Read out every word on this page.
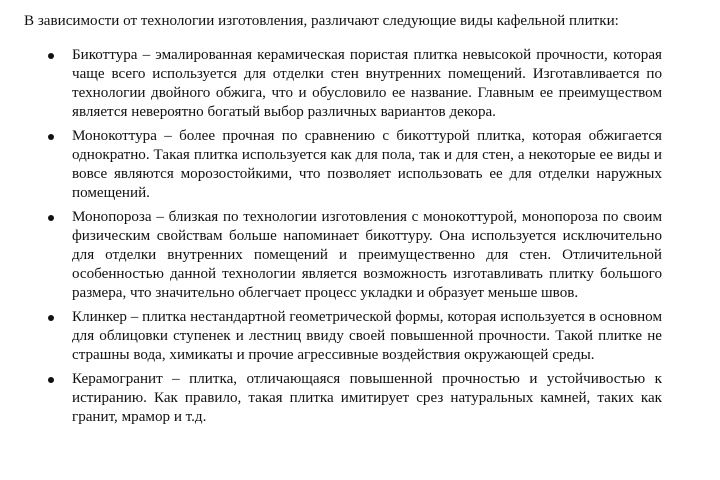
В зависимости от технологии изготовления, различают следующие виды кафельной плитки:

Бикоттура – эмалированная керамическая пористая плитка невысокой прочности, которая чаще всего используется для отделки стен внутренних помещений. Изготавливается по технологии двойного обжига, что и обусловило ее название. Главным ее преимуществом является невероятно богатый выбор различных вариантов декора.
Монокоттура – более прочная по сравнению с бикоттурой плитка, которая обжигается однократно. Такая плитка используется как для пола, так и для стен, а некоторые ее виды и вовсе являются морозостойкими, что позволяет использовать ее для отделки наружных помещений.
Монопороза – близкая по технологии изготовления с монокоттурой, монопороза по своим физическим свойствам больше напоминает бикоттуру. Она используется исключительно для отделки внутренних помещений и преимущественно для стен. Отличительной особенностью данной технологии является возможность изготавливать плитку большого размера, что значительно облегчает процесс укладки и образует меньше швов.
Клинкер – плитка нестандартной геометрической формы, которая используется в основном для облицовки ступенек и лестниц ввиду своей повышенной прочности. Такой плитке не страшны вода, химикаты и прочие агрессивные воздействия окружающей среды.
Керамогранит – плитка, отличающаяся повышенной прочностью и устойчивостью к истиранию. Как правило, такая плитка имитирует срез натуральных камней, таких как гранит, мрамор и т.д.
